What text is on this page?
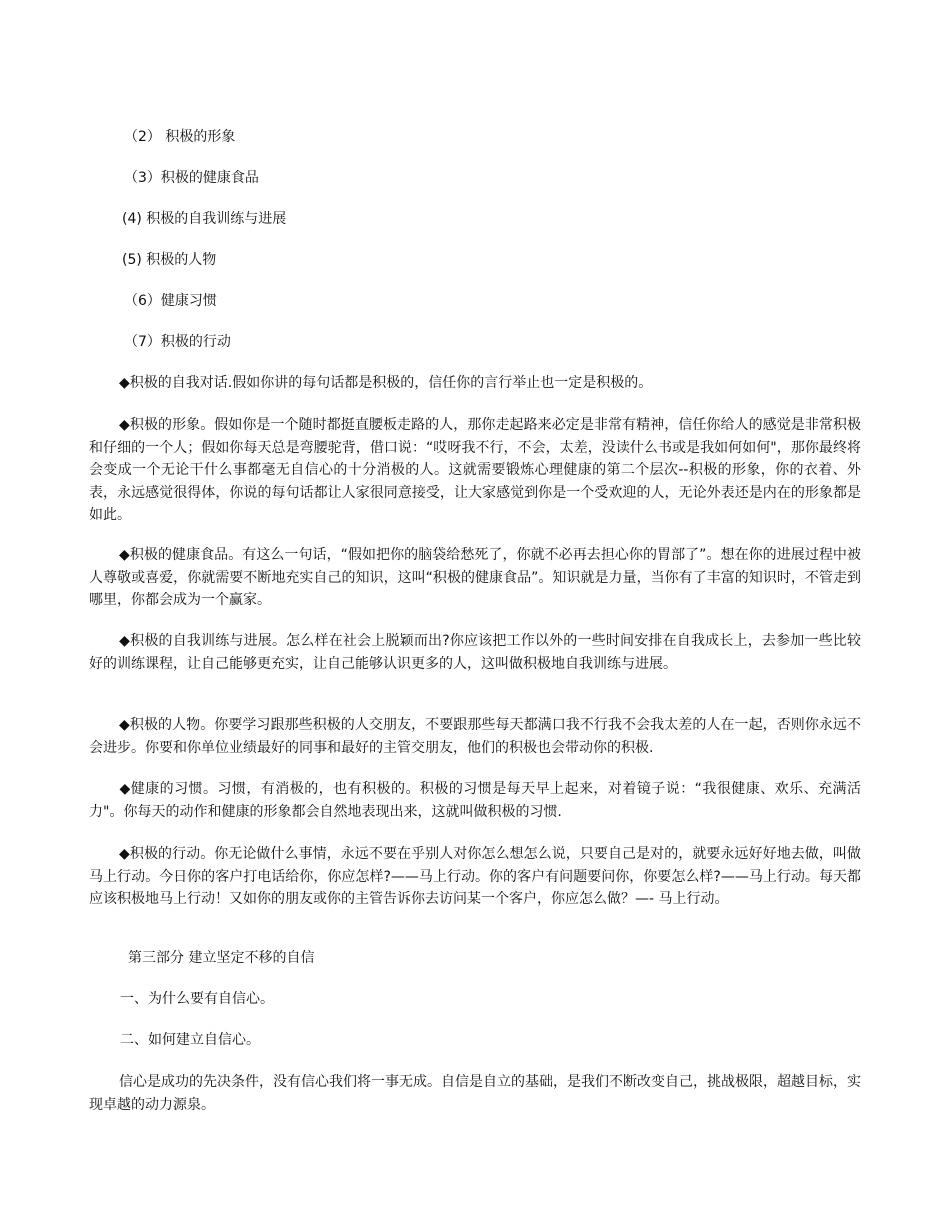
（2） 积极的形象
（3）积极的健康食品
(4) 积极的自我训练与进展
(5) 积极的人物
（6）健康习惯
（7）积极的行动
◆积极的自我对话.假如你讲的每句话都是积极的，信任你的言行举止也一定是积极的。
◆积极的形象。假如你是一个随时都挺直腰板走路的人，那你走起路来必定是非常有精神，信任你给人的感觉是非常积极和仔细的一个人；假如你每天总是弯腰驼背，借口说：“哎呀我不行，不会，太差，没读什么书或是我如何如何"，那你最终将会变成一个无论干什么事都毫无自信心的十分消极的人。这就需要锻炼心理健康的第二个层次--积极的形象，你的衣着、外表，永远感觉很得体，你说的每句话都让人家很同意接受，让大家感觉到你是一个受欢迎的人，无论外表还是内在的形象都是如此。
◆积极的健康食品。有这么一句话，“假如把你的脑袋给愁死了，你就不必再去担心你的胃部了”。想在你的进展过程中被人尊敬或喜爱，你就需要不断地充实自己的知识，这叫“积极的健康食品”。知识就是力量，当你有了丰富的知识时，不管走到哪里，你都会成为一个赢家。
◆积极的自我训练与进展。怎么样在社会上脱颖而出?你应该把工作以外的一些时间安排在自我成长上，去参加一些比较好的训练课程，让自己能够更充实，让自己能够认识更多的人，这叫做积极地自我训练与进展。
◆积极的人物。你要学习跟那些积极的人交朋友，不要跟那些每天都满口我不行我不会我太差的人在一起，否则你永远不会进步。你要和你单位业绩最好的同事和最好的主管交朋友，他们的积极也会带动你的积极.
◆健康的习惯。习惯，有消极的，也有积极的。积极的习惯是每天早上起来，对着镜子说：“我很健康、欢乐、充满活力"。你每天的动作和健康的形象都会自然地表现出来，这就叫做积极的习惯.
◆积极的行动。你无论做什么事情，永远不要在乎别人对你怎么想怎么说，只要自己是对的，就要永远好好地去做，叫做马上行动。今日你的客户打电话给你，你应怎样?——马上行动。你的客户有问题要问你，你要怎么样?——马上行动。每天都应该积极地马上行动！又如你的朋友或你的主管告诉你去访问某一个客户，你应怎么做？—- 马上行动。
第三部分 建立坚定不移的自信
一、为什么要有自信心。
二、如何建立自信心。
信心是成功的先决条件，没有信心我们将一事无成。自信是自立的基础，是我们不断改变自己，挑战极限，超越目标，实现卓越的动力源泉。
